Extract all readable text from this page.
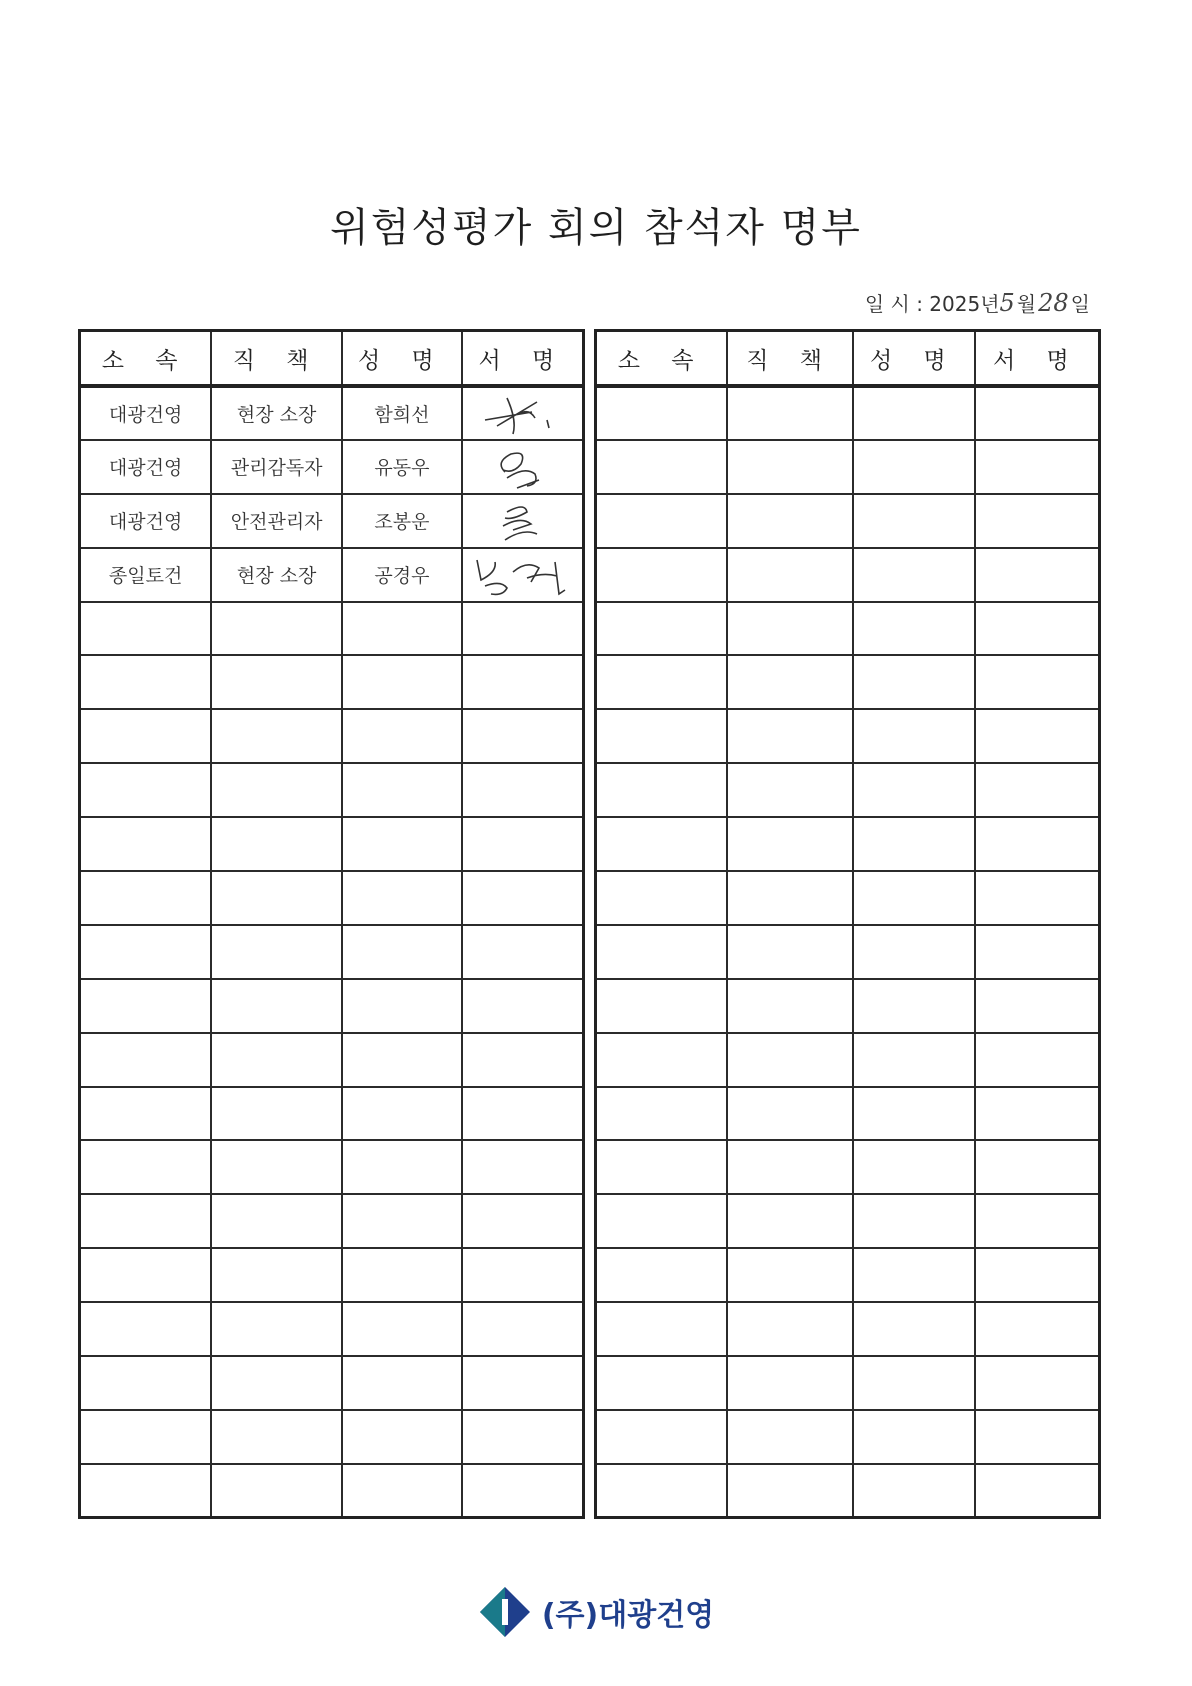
위험성평가 회의 참석자 명부
일 시 : 2025년 5 월 28 일
소 속	직 책	성 명	서 명
대광건영	현장 소장	함희선	

대광건영	관리감독자	유동우	

대광건영	안전관리자	조봉운	

종일토건	현장 소장	공경우	

소 속	직 책	성 명	서 명

(주)대광건영
